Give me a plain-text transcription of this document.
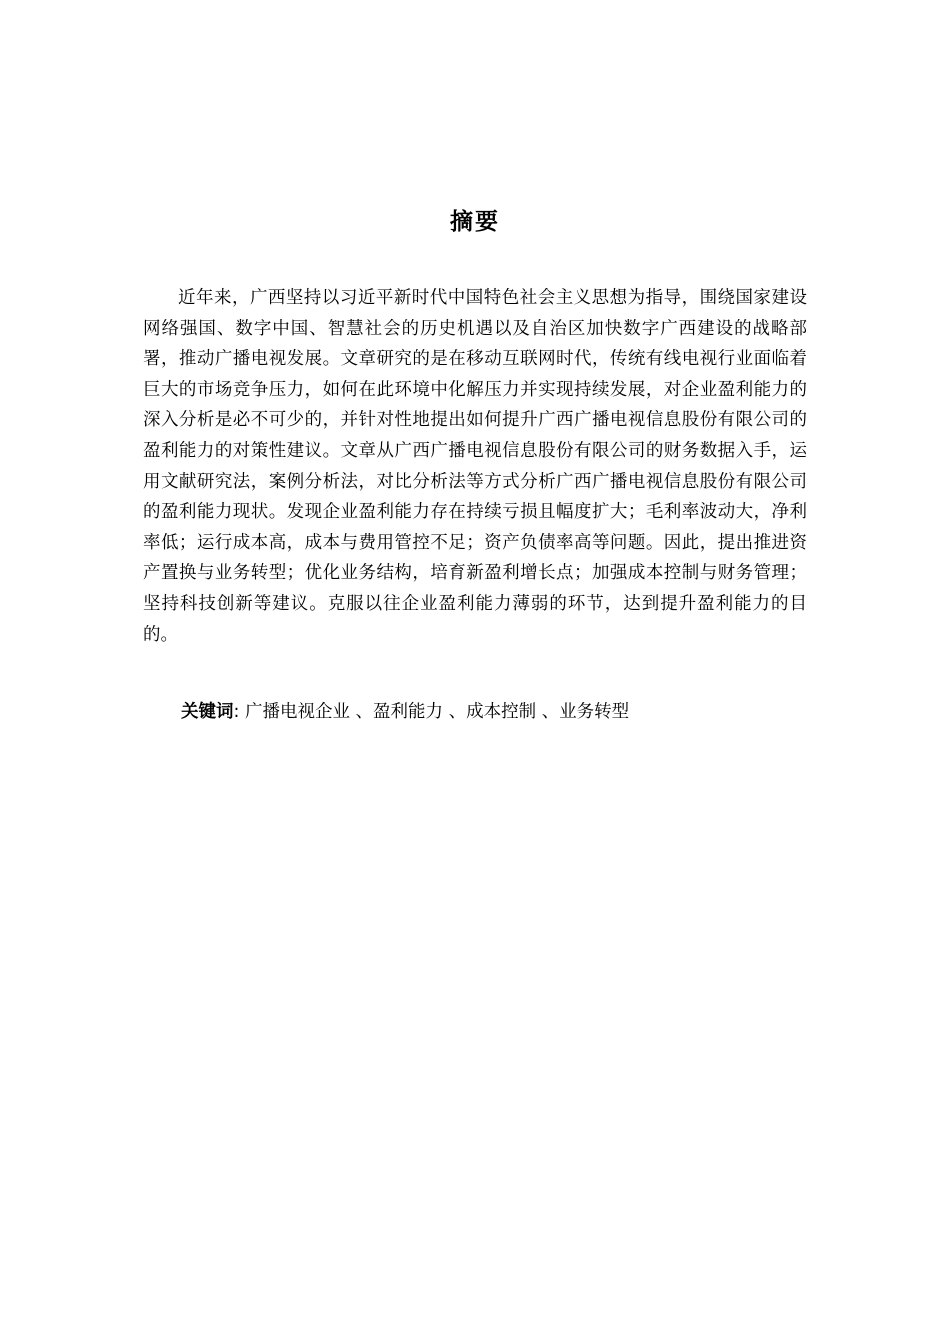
摘要

近年来，广西坚持以习近平新时代中国特色社会主义思想为指导，围绕国家建设网络强国、数字中国、智慧社会的历史机遇以及自治区加快数字广西建设的战略部署，推动广播电视发展。文章研究的是在移动互联网时代，传统有线电视行业面临着巨大的市场竞争压力，如何在此环境中化解压力并实现持续发展，对企业盈利能力的深入分析是必不可少的，并针对性地提出如何提升广西广播电视信息股份有限公司的盈利能力的对策性建议。文章从广西广播电视信息股份有限公司的财务数据入手，运用文献研究法，案例分析法，对比分析法等方式分析广西广播电视信息股份有限公司的盈利能力现状。发现企业盈利能力存在持续亏损且幅度扩大；毛利率波动大，净利率低；运行成本高，成本与费用管控不足；资产负债率高等问题。因此，提出推进资产置换与业务转型；优化业务结构，培育新盈利增长点；加强成本控制与财务管理；坚持科技创新等建议。克服以往企业盈利能力薄弱的环节，达到提升盈利能力的目的。

关键词: 广播电视企业 、盈利能力 、成本控制 、业务转型
